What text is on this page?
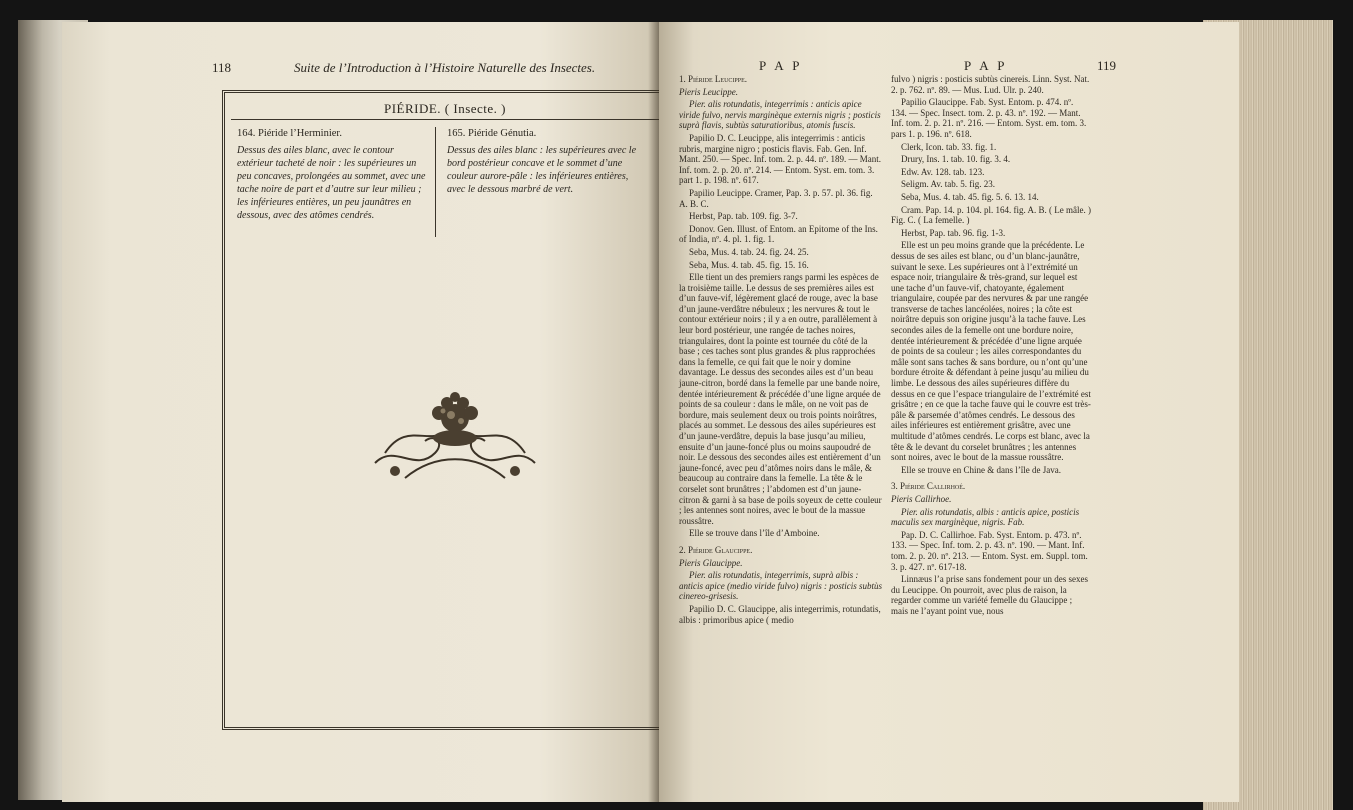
118	Suite de l’Introduction à l’Histoire Naturelle des Insectes.
PIÉRIDE. ( Insecte. )
164. Piéride l’Herminier.

Dessus des ailes blanc, avec le contour extérieur tacheté de noir : les supérieures un peu concaves, prolongées au sommet, avec une tache noire de part et d’autre sur leur milieu ; les inférieures entières, un peu jaunâtres en dessous, avec des atômes cendrés.

165. Piéride Génutia.

Dessus des ailes blanc : les supérieures avec le bord postérieur concave et le sommet d’une couleur aurore-pâle : les inférieures entières, avec le dessous marbré de vert.

P A P	P A P	119

1. Piéride Leucippe.

Pieris Leucippe.

Pier. alis rotundatis, integerrimis : anticis apice viride fulvo, nervis marginèque externis nigris ; posticis suprà flavis, subtùs saturatioribus, atomis fuscis.

Papilio D. C. Leucippe, alis integerrimis : anticis rubris, margine nigro ; posticis flavis. Fab. Gen. Inf. Mant. 250. — Spec. Inf. tom. 2. p. 44. nº. 189. — Mant. Inf. tom. 2. p. 20. nº. 214. — Entom. Syst. em. tom. 3. part 1. p. 198. nº. 617.

Papilio Leucippe. Cramer, Pap. 3. p. 57. pl. 36. fig. A. B. C.

Herbst, Pap. tab. 109. fig. 3-7.

Donov. Gen. Illust. of Entom. an Epitome of the Ins. of India, nº. 4. pl. 1. fig. 1.

Seba, Mus. 4. tab. 24. fig. 24. 25.

Seba, Mus. 4. tab. 45. fig. 15. 16.

Elle tient un des premiers rangs parmi les espèces de la troisième taille. Le dessus de ses premières ailes est d’un fauve-vif, légèrement glacé de rouge, avec la base d’un jaune-verdâtre nébuleux ; les nervures & tout le contour extérieur noirs ; il y a en outre, parallèlement à leur bord postérieur, une rangée de taches noires, triangulaires, dont la pointe est tournée du côté de la base ; ces taches sont plus grandes & plus rapprochées dans la femelle, ce qui fait que le noir y domine davantage. Le dessus des secondes ailes est d’un beau jaune-citron, bordé dans la femelle par une bande noire, dentée intérieurement & précédée d’une ligne arquée de points de sa couleur : dans le mâle, on ne voit pas de bordure, mais seulement deux ou trois points noirâtres, placés au sommet. Le dessous des ailes supérieures est d’un jaune-verdâtre, depuis la base jusqu’au milieu, ensuite d’un jaune-foncé plus ou moins saupoudré de noir. Le dessous des secondes ailes est entièrement d’un jaune-foncé, avec peu d’atômes noirs dans le mâle, & beaucoup au contraire dans la femelle. La tête & le corselet sont brunâtres ; l’abdomen est d’un jaune-citron & garni à sa base de poils soyeux de cette couleur ; les antennes sont noires, avec le bout de la massue roussâtre.

Elle se trouve dans l’île d’Amboine.

2. Piéride Glaucippe.

Pieris Glaucippe.

Pier. alis rotundatis, integerrimis, suprà albis : anticis apice (medio viride fulvo) nigris : posticis subtùs cinereo-grisesis.

Papilio D. C. Glaucippe, alis integerrimis, rotundatis, albis : primoribus apice ( medio

fulvo ) nigris : posticis subtùs cinereis. Linn. Syst. Nat. 2. p. 762. nº. 89. — Mus. Lud. Ulr. p. 240.

Papilio Glaucippe. Fab. Syst. Entom. p. 474. nº. 134. — Spec. Insect. tom. 2. p. 43. nº. 192. — Mant. Inf. tom. 2. p. 21. nº. 216. — Entom. Syst. em. tom. 3. pars 1. p. 196. nº. 618.

Clerk, Icon. tab. 33. fig. 1.

Drury, Ins. 1. tab. 10. fig. 3. 4.

Edw. Av. 128. tab. 123.

Seligm. Av. tab. 5. fig. 23.

Seba, Mus. 4. tab. 45. fig. 5. 6. 13. 14.

Cram. Pap. 14. p. 104. pl. 164. fig. A. B. ( Le mâle. ) Fig. C. ( La femelle. )

Herbst, Pap. tab. 96. fig. 1-3.

Elle est un peu moins grande que la précédente. Le dessus de ses ailes est blanc, ou d’un blanc-jaunâtre, suivant le sexe. Les supérieures ont à l’extrémité un espace noir, triangulaire & très-grand, sur lequel est une tache d’un fauve-vif, chatoyante, également triangulaire, coupée par des nervures & par une rangée transverse de taches lancéolées, noires ; la côte est noirâtre depuis son origine jusqu’à la tache fauve. Les secondes ailes de la femelle ont une bordure noire, dentée intérieurement & précédée d’une ligne arquée de points de sa couleur ; les ailes correspondantes du mâle sont sans taches & sans bordure, ou n’ont qu’une bordure étroite & défendant à peine jusqu’au milieu du limbe. Le dessous des ailes supérieures diffère du dessus en ce que l’espace triangulaire de l’extrémité est grisâtre ; en ce que la tache fauve qui le couvre est très-pâle & parsemée d’atômes cendrés. Le dessous des ailes inférieures est entièrement grisâtre, avec une multitude d’atômes cendrés. Le corps est blanc, avec la tête & le devant du corselet brunâtres ; les antennes sont noires, avec le bout de la massue roussâtre.

Elle se trouve en Chine & dans l’île de Java.

3. Piéride Callirhoé.

Pieris Callirhoe.

Pier. alis rotundatis, albis : anticis apice, posticis maculis sex marginèque, nigris. Fab.

Pap. D. C. Callirhoe. Fab. Syst. Entom. p. 473. nº. 133. — Spec. Inf. tom. 2. p. 43. nº. 190. — Mant. Inf. tom. 2. p. 20. nº. 213. — Entom. Syst. em. Suppl. tom. 3. p. 427. nº. 617-18.

Linnæus l’a prise sans fondement pour un des sexes du Leucippe. On pourroit, avec plus de raison, la regarder comme un variété femelle du Glaucippe ; mais ne l’ayant point vue, nous
